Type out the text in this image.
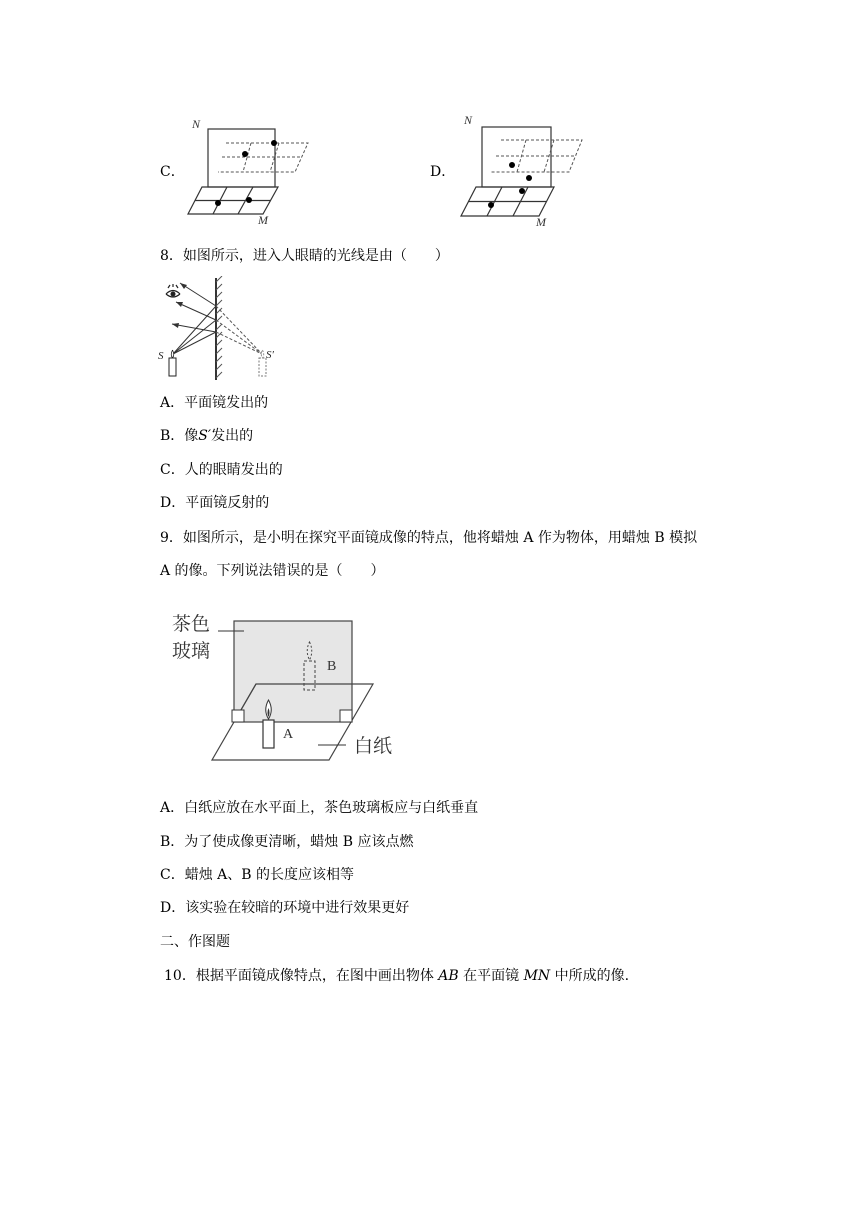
C．
N
M
D．
N
M
8．如图所示，进入人眼睛的光线是由（　　）
S	S′
A．平面镜发出的
B．像S′发出的
C．人的眼睛发出的
D．平面镜反射的
9．如图所示，是小明在探究平面镜成像的特点，他将蜡烛 A 作为物体，用蜡烛 B 模拟
A 的像。下列说法错误的是（　　）
茶色
玻璃
白纸
A
B
A．白纸应放在水平面上，茶色玻璃板应与白纸垂直
B．为了使成像更清晰，蜡烛 B 应该点燃
C．蜡烛 A、B 的长度应该相等
D．该实验在较暗的环境中进行效果更好
二、作图题
10．根据平面镜成像特点，在图中画出物体 AB 在平面镜 MN 中所成的像.
